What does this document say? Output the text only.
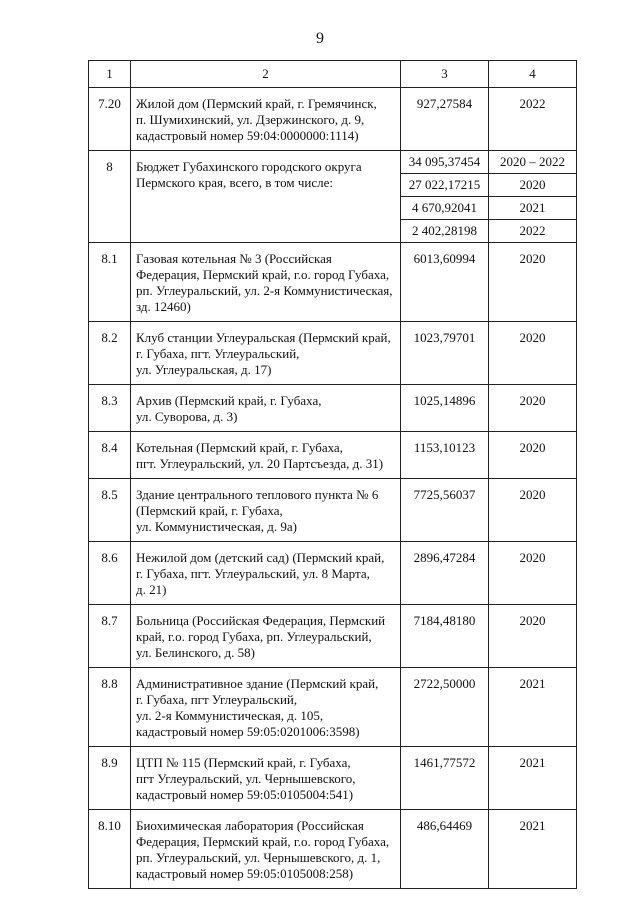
9
1	2	3	4
7.20	Жилой дом (Пермский край, г. Гремячинск,
п. Шумихинский, ул. Дзержинского, д. 9,
кадастровый номер 59:04:0000000:1114)	927,27584	2022
8	Бюджет Губахинского городского округа
Пермского края, всего, в том числе:	34 095,37454	2020 – 2022
		27 022,17215	2020
		4 670,92041	2021
		2 402,28198	2022
8.1	Газовая котельная № 3 (Российская
Федерация, Пермский край, г.о. город Губаха,
рп. Углеуральский, ул. 2-я Коммунистическая,
зд. 12460)	6013,60994	2020
8.2	Клуб станции Углеуральская (Пермский край,
г. Губаха, пгт. Углеуральский,
ул. Углеуральская, д. 17)	1023,79701	2020
8.3	Архив (Пермский край, г. Губаха,
ул. Суворова, д. 3)	1025,14896	2020
8.4	Котельная (Пермский край, г. Губаха,
пгт. Углеуральский, ул. 20 Партсъезда, д. 31)	1153,10123	2020
8.5	Здание центрального теплового пункта № 6
(Пермский край, г. Губаха,
ул. Коммунистическая, д. 9а)	7725,56037	2020
8.6	Нежилой дом (детский сад) (Пермский край,
г. Губаха, пгт. Углеуральский, ул. 8 Марта,
д. 21)	2896,47284	2020
8.7	Больница (Российская Федерация, Пермский
край, г.о. город Губаха, рп. Углеуральский,
ул. Белинского, д. 58)	7184,48180	2020
8.8	Административное здание (Пермский край,
г. Губаха, пгт Углеуральский,
ул. 2-я Коммунистическая, д. 105,
кадастровый номер 59:05:0201006:3598)	2722,50000	2021
8.9	ЦТП № 115 (Пермский край, г. Губаха,
пгт Углеуральский, ул. Чернышевского,
кадастровый номер 59:05:0105004:541)	1461,77572	2021
8.10	Биохимическая лаборатория (Российская
Федерация, Пермский край, г.о. город Губаха,
рп. Углеуральский, ул. Чернышевского, д. 1,
кадастровый номер 59:05:0105008:258)	486,64469	2021
